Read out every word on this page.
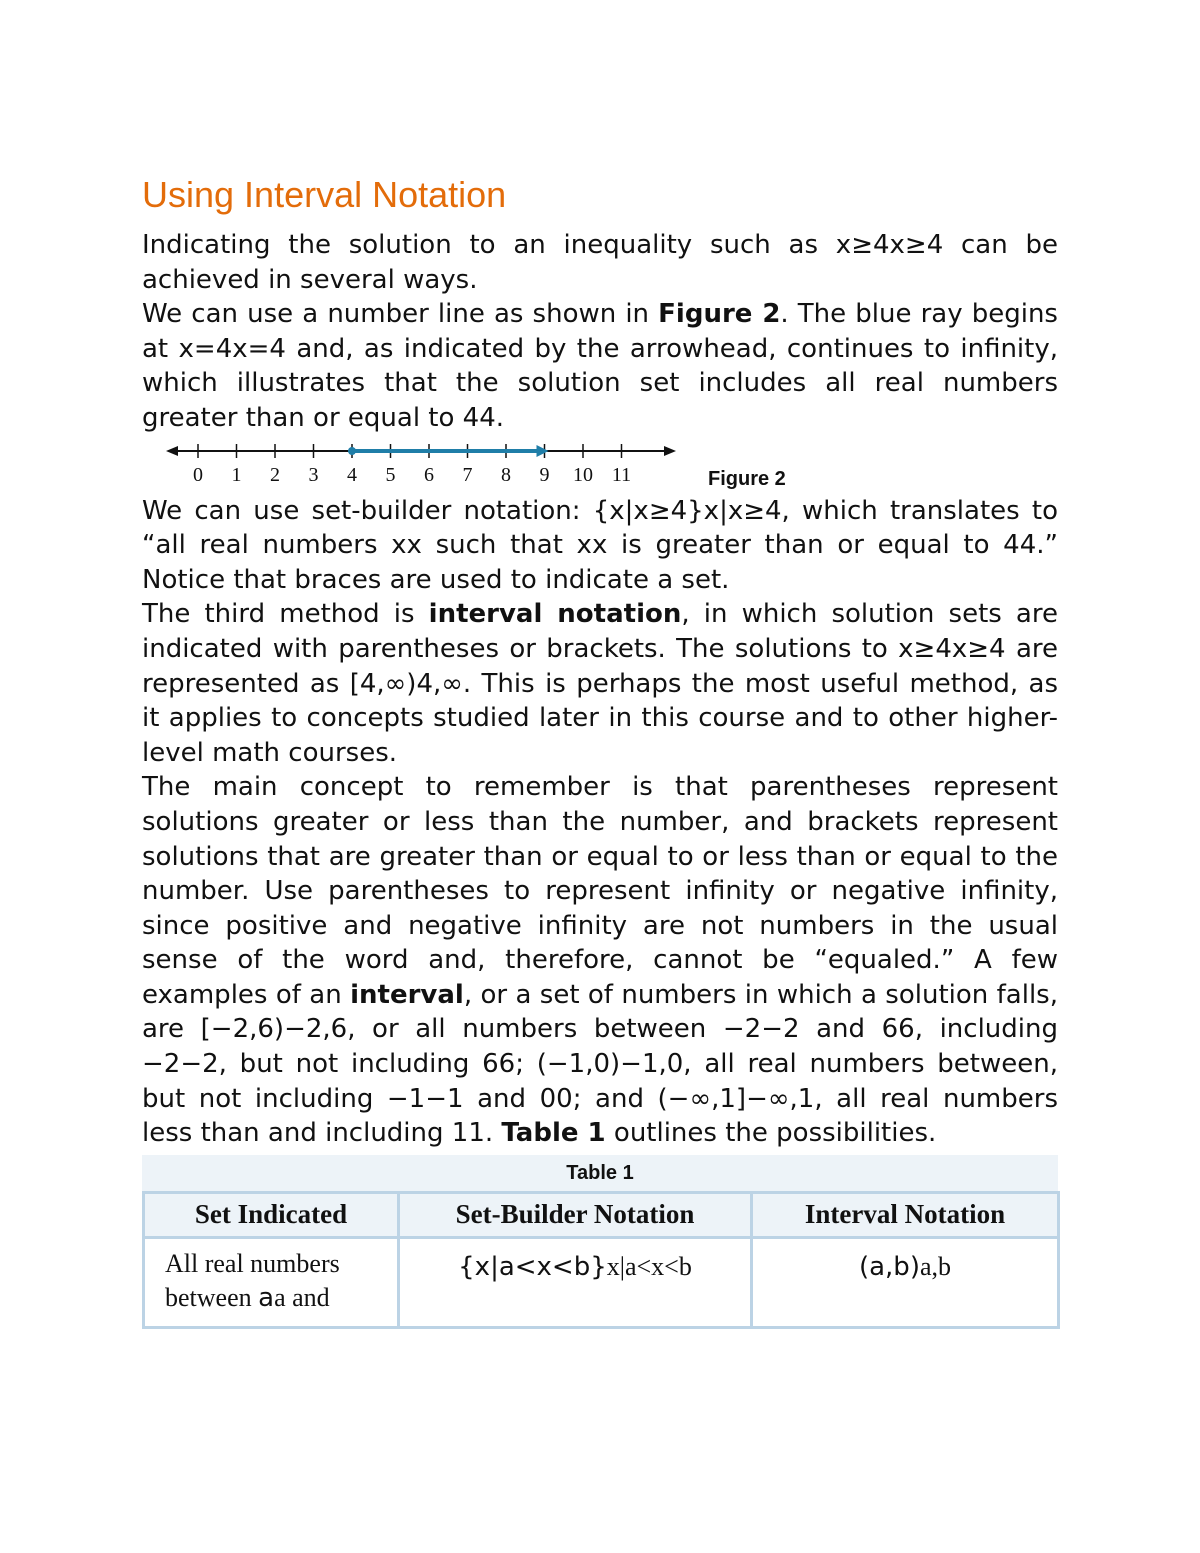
Using Interval Notation

Indicating the solution to an inequality such as x≥4x≥4 can be achieved in several ways.

We can use a number line as shown in Figure 2. The blue ray begins at x=4x=4 and, as indicated by the arrowhead, continues to infinity, which illustrates that the solution set includes all real numbers greater than or equal to 44.

0 1 2 3 4 5 6 7 8 9 10 11	Figure 2

We can use set-builder notation: {x|x≥4}x|x≥4, which translates to “all real numbers xx such that xx is greater than or equal to 44.” Notice that braces are used to indicate a set.

The third method is interval notation, in which solution sets are indicated with parentheses or brackets. The solutions to x≥4x≥4 are represented as [4,∞)4,∞. This is perhaps the most useful method, as it applies to concepts studied later in this course and to other higher-level math courses.

The main concept to remember is that parentheses represent solutions greater or less than the number, and brackets represent solutions that are greater than or equal to or less than or equal to the number. Use parentheses to represent infinity or negative infinity, since positive and negative infinity are not numbers in the usual sense of the word and, therefore, cannot be “equaled.” A few examples of an interval, or a set of numbers in which a solution falls, are [−2,6)−2,6, or all numbers between −2−2 and 66, including −2−2, but not including 66; (−1,0)−1,0, all real numbers between, but not including −1−1 and 00; and (−∞,1]−∞,1, all real numbers less than and including 11. Table 1 outlines the possibilities.

Table 1
Set Indicated	Set-Builder Notation	Interval Notation
All real numbers
between aa and	{x|a<x<b}x|a<x<b	(a,b)a,b
